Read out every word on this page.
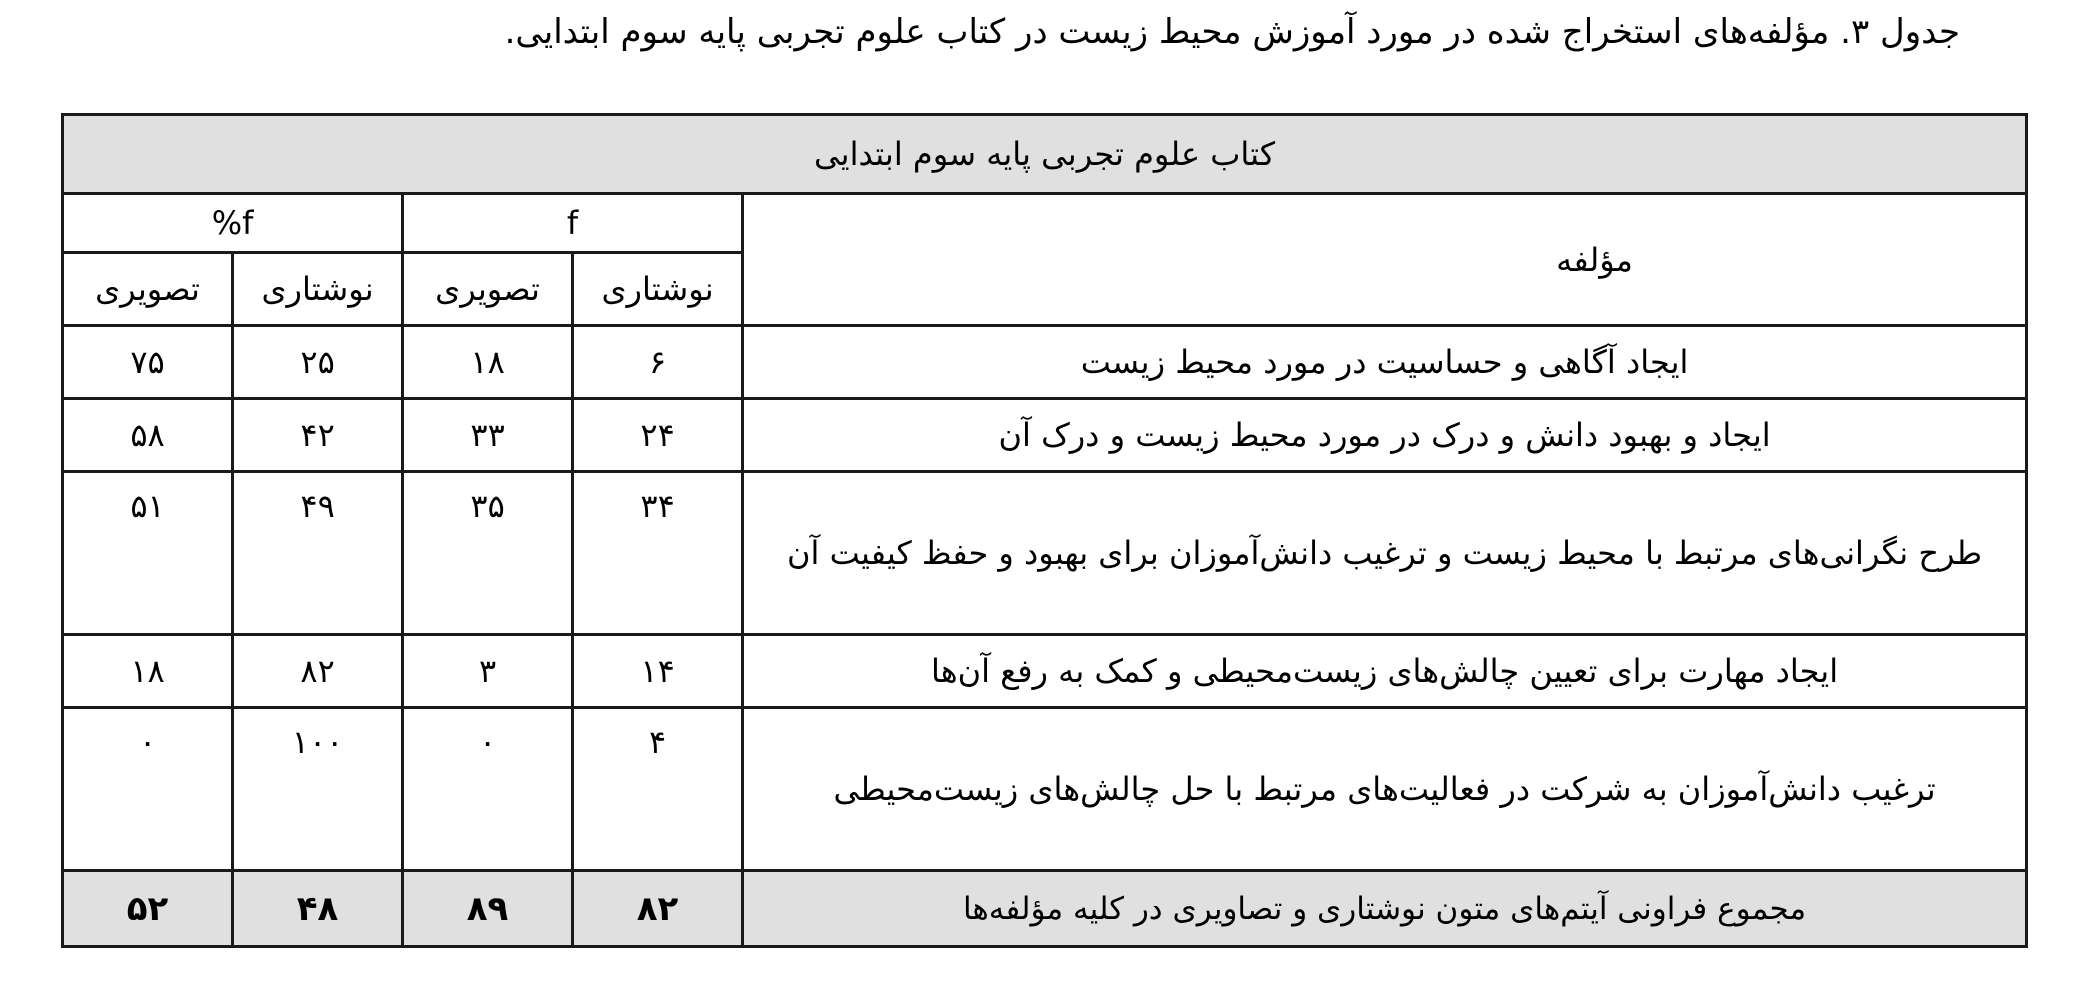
جدول ۳. مؤلفه‌های استخراج شده در مورد آموزش محیط زیست در کتاب علوم تجربی پایه سوم ابتدایی.
کتاب علوم تجربی پایه سوم ابتدایی				
مؤلفه	f		%f	
	نوشتاری	تصویری	نوشتاری	تصویری
ایجاد آگاهی و حساسیت در مورد محیط زیست	۶	۱۸	۲۵	۷۵
ایجاد و بهبود دانش و درک در مورد محیط زیست و درک آن	۲۴	۳۳	۴۲	۵۸
طرح نگرانی‌های مرتبط با محیط زیست و ترغیب دانش‌آموزان برای بهبود و حفظ کیفیت آن	۳۴	۳۵	۴۹	۵۱
ایجاد مهارت برای تعیین چالش‌های زیست‌محیطی و کمک به رفع آن‌ها	۱۴	۳	۸۲	۱۸
ترغیب دانش‌آموزان به شرکت در فعالیت‌های مرتبط با حل چالش‌های زیست‌محیطی	۴	۰	۱۰۰	۰
مجموع فراونی آیتم‌های متون نوشتاری و تصاویری در کلیه مؤلفه‌ها	۸۲	۸۹	۴۸	۵۲
